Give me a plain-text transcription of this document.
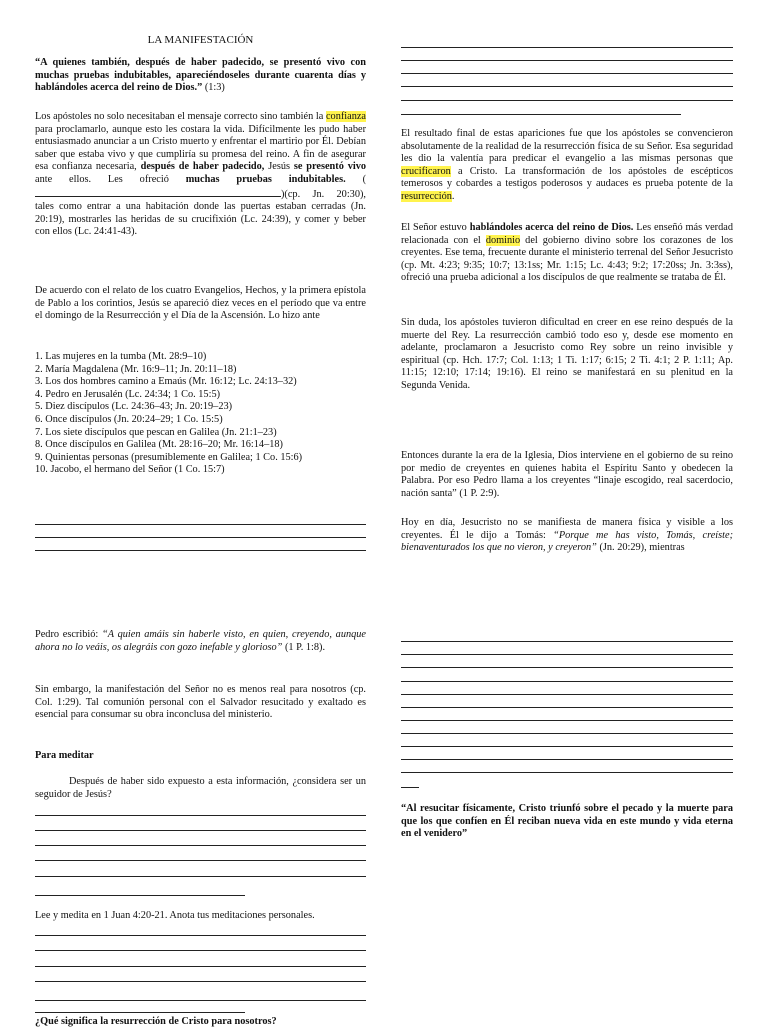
LA MANIFESTACIÓN

“A quienes también, después de haber padecido, se presentó vivo con muchas pruebas indubitables, apareciéndoseles durante cuarenta días y hablándoles acerca del reino de Dios.” (1:3)

Los apóstoles no solo necesitaban el mensaje correcto sino también la confianza para proclamarlo, aunque esto les costara la vida. Difícilmente les pudo haber entusiasmado anunciar a un Cristo muerto y enfrentar el martirio por Él. Debían saber que estaba vivo y que cumpliría su promesa del reino. A fin de asegurar esa confianza necesaria, después de haber padecido, Jesús se presentó vivo ante ellos. Les ofreció muchas pruebas indubitables. ()(cp. Jn. 20:30), tales como entrar a una habitación donde las puertas estaban cerradas (Jn. 20:19), mostrarles las heridas de su crucifixión (Lc. 24:39), y comer y beber con ellos (Lc. 24:41-43).

De acuerdo con el relato de los cuatro Evangelios, Hechos, y la primera epístola de Pablo a los corintios, Jesús se apareció diez veces en el período que va entre el domingo de la Resurrección y el Día de la Ascensión. Lo hizo ante

1. Las mujeres en la tumba (Mt. 28:9–10)
2. María Magdalena (Mr. 16:9–11; Jn. 20:11–18)
3. Los dos hombres camino a Emaús (Mr. 16:12; Lc. 24:13–32)
4. Pedro en Jerusalén (Lc. 24:34; 1 Co. 15:5)
5. Diez discípulos (Lc. 24:36–43; Jn. 20:19–23)
6. Once discípulos (Jn. 20:24–29; 1 Co. 15:5)
7. Los siete discípulos que pescan en Galilea (Jn. 21:1–23)
8. Once discípulos en Galilea (Mt. 28:16–20; Mr. 16:14–18)
9. Quinientas personas (presumiblemente en Galilea; 1 Co. 15:6)
10. Jacobo, el hermano del Señor (1 Co. 15:7)

Pedro escribió: “A quien amáis sin haberle visto, en quien, creyendo, aunque ahora no lo veáis, os alegráis con gozo inefable y glorioso” (1 P. 1:8).

Sin embargo, la manifestación del Señor no es menos real para nosotros (cp. Col. 1:29). Tal comunión personal con el Salvador resucitado y exaltado es esencial para consumar su obra inconclusa del ministerio.

Para meditar

Después de haber sido expuesto a esta información, ¿considera ser un seguidor de Jesús?

Lee y medita en 1 Juan 4:20-21. Anota tus meditaciones personales.

¿Qué significa la resurrección de Cristo para nosotros?

El resultado final de estas apariciones fue que los apóstoles se convencieron absolutamente de la realidad de la resurrección física de su Señor. Esa seguridad les dio la valentía para predicar el evangelio a las mismas personas que crucificaron a Cristo. La transformación de los apóstoles de escépticos temerosos y cobardes a testigos poderosos y audaces es prueba potente de la resurrección.

El Señor estuvo hablándoles acerca del reino de Dios. Les enseñó más verdad relacionada con el dominio del gobierno divino sobre los corazones de los creyentes. Ese tema, frecuente durante el ministerio terrenal del Señor Jesucristo (cp. Mt. 4:23; 9:35; 10:7; 13:1ss; Mr. 1:15; Lc. 4:43; 9:2; 17:20ss; Jn. 3:3ss), ofreció una prueba adicional a los discípulos de que realmente se trataba de Él.

Sin duda, los apóstoles tuvieron dificultad en creer en ese reino después de la muerte del Rey. La resurrección cambió todo eso y, desde ese momento en adelante, proclamaron a Jesucristo como Rey sobre un reino invisible y espiritual (cp. Hch. 17:7; Col. 1:13; 1 Ti. 1:17; 6:15; 2 Ti. 4:1; 2 P. 1:11; Ap. 11:15; 12:10; 17:14; 19:16). El reino se manifestará en su plenitud en la Segunda Venida.

Entonces durante la era de la Iglesia, Dios interviene en el gobierno de su reino por medio de creyentes en quienes habita el Espíritu Santo y obedecen la Palabra. Por eso Pedro llama a los creyentes “linaje escogido, real sacerdocio, nación santa” (1 P. 2:9).

Hoy en día, Jesucristo no se manifiesta de manera física y visible a los creyentes. Él le dijo a Tomás: “Porque me has visto, Tomás, creíste; bienaventurados los que no vieron, y creyeron” (Jn. 20:29), mientras

“Al resucitar físicamente, Cristo triunfó sobre el pecado y la muerte para que los que confíen en Él reciban nueva vida en este mundo y vida eterna en el venidero”
